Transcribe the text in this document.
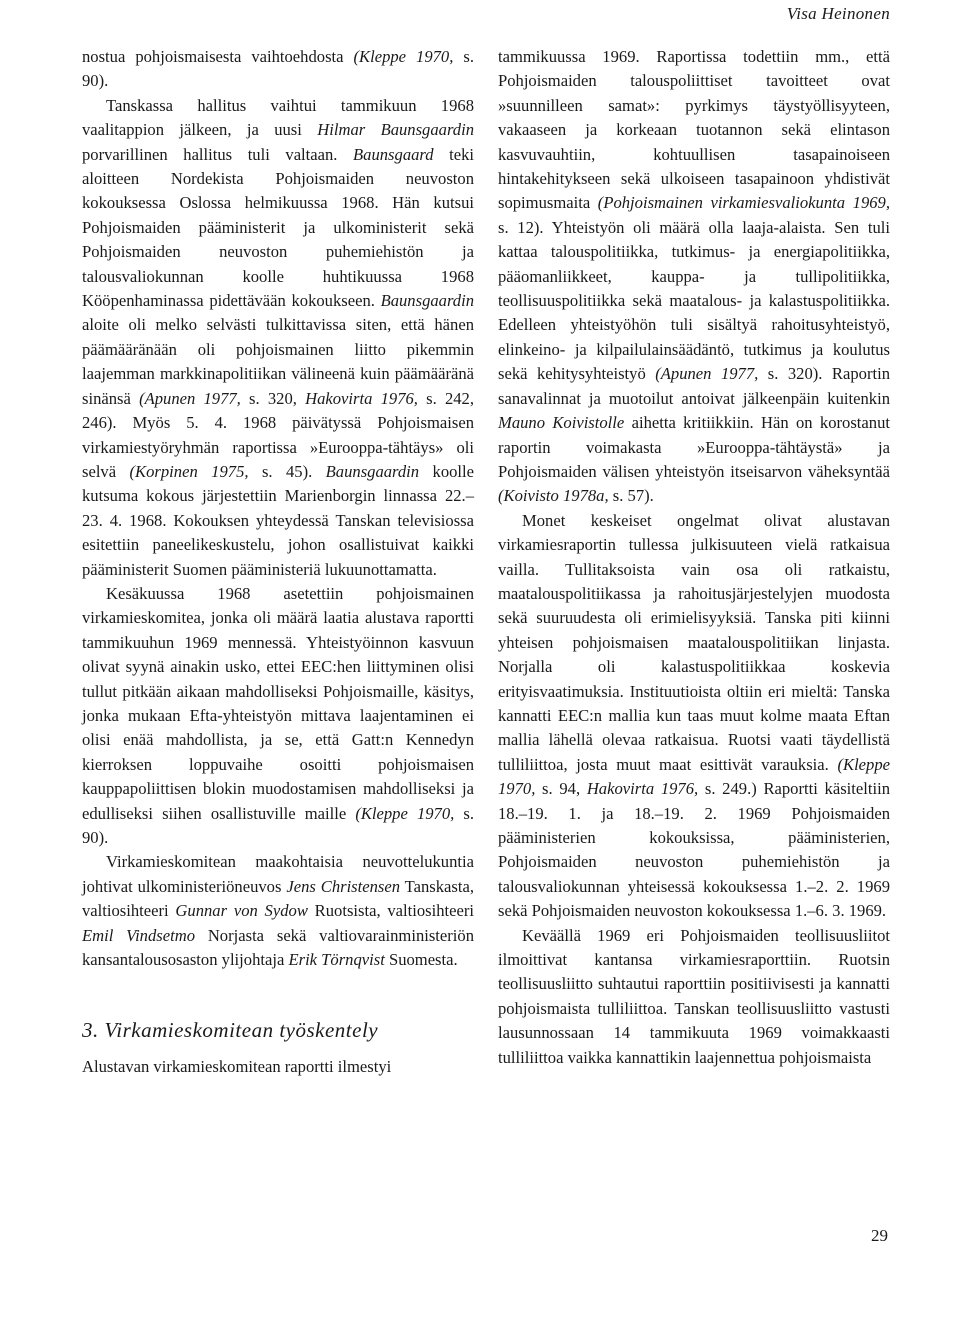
Visa Heinonen

nostua pohjoismaisesta vaihtoehdosta (Kleppe 1970, s. 90).

Tanskassa hallitus vaihtui tammikuun 1968 vaalitappion jälkeen, ja uusi Hilmar Baunsgaardin porvarillinen hallitus tuli valtaan. Baunsgaard teki aloitteen Nordekista Pohjoismaiden neuvoston kokouksessa Oslossa helmikuussa 1968. Hän kutsui Pohjoismaiden pääministerit ja ulkoministerit sekä Pohjoismaiden neuvoston puhemiehistön ja talousvaliokunnan koolle huhtikuussa 1968 Kööpenhaminassa pidettävään kokoukseen. Baunsgaardin aloite oli melko selvästi tulkittavissa siten, että hänen päämääränään oli pohjoismainen liitto pikemmin laajemman markkinapolitiikan välineenä kuin päämääränä sinänsä (Apunen 1977, s. 320, Hakovirta 1976, s. 242, 246). Myös 5. 4. 1968 päivätyssä Pohjoismaisen virkamiestyöryhmän raportissa »Eurooppa-tähtäys» oli selvä (Korpinen 1975, s. 45). Baunsgaardin koolle kutsuma kokous järjestettiin Marienborgin linnassa 22.–23. 4. 1968. Kokouksen yhteydessä Tanskan televisiossa esitettiin paneelikeskustelu, johon osallistuivat kaikki pääministerit Suomen pääministeriä lukuunottamatta.

Kesäkuussa 1968 asetettiin pohjoismainen virkamieskomitea, jonka oli määrä laatia alustava raportti tammikuuhun 1969 mennessä. Yhteistyöinnon kasvuun olivat syynä ainakin usko, ettei EEC:hen liittyminen olisi tullut pitkään aikaan mahdolliseksi Pohjoismaille, käsitys, jonka mukaan Efta-yhteistyön mittava laajentaminen ei olisi enää mahdollista, ja se, että Gatt:n Kennedyn kierroksen loppuvaihe osoitti pohjoismaisen kauppapoliittisen blokin muodostamisen mahdolliseksi ja edulliseksi siihen osallistuville maille (Kleppe 1970, s. 90).

Virkamieskomitean maakohtaisia neuvottelukuntia johtivat ulkoministeriöneuvos Jens Christensen Tanskasta, valtiosihteeri Gunnar von Sydow Ruotsista, valtiosihteeri Emil Vindsetmo Norjasta sekä valtiovarainministeriön kansantalousosaston ylijohtaja Erik Törnqvist Suomesta.

3. Virkamieskomitean työskentely

Alustavan virkamieskomitean raportti ilmestyi

tammikuussa 1969. Raportissa todettiin mm., että Pohjoismaiden talouspoliittiset tavoitteet ovat »suunnilleen samat»: pyrkimys täystyöllisyyteen, vakaaseen ja korkeaan tuotannon sekä elintason kasvuvauhtiin, kohtuullisen tasapainoiseen hintakehitykseen sekä ulkoiseen tasapainoon yhdistivät sopimusmaita (Pohjoismainen virkamiesvaliokunta 1969, s. 12). Yhteistyön oli määrä olla laaja-alaista. Sen tuli kattaa talouspolitiikka, tutkimus- ja energiapolitiikka, pääomanliikkeet, kauppa- ja tullipolitiikka, teollisuuspolitiikka sekä maatalous- ja kalastuspolitiikka. Edelleen yhteistyöhön tuli sisältyä rahoitusyhteistyö, elinkeino- ja kilpailulainsäädäntö, tutkimus ja koulutus sekä kehitysyhteistyö (Apunen 1977, s. 320). Raportin sanavalinnat ja muotoilut antoivat jälkeenpäin kuitenkin Mauno Koivistolle aihetta kritiikkiin. Hän on korostanut raportin voimakasta »Eurooppa-tähtäystä» ja Pohjoismaiden välisen yhteistyön itseisarvon väheksyntää (Koivisto 1978a, s. 57).

Monet keskeiset ongelmat olivat alustavan virkamiesraportin tullessa julkisuuteen vielä ratkaisua vailla. Tullitaksoista vain osa oli ratkaistu, maatalouspolitiikassa ja rahoitusjärjestelyjen muodosta sekä suuruudesta oli erimielisyyksiä. Tanska piti kiinni yhteisen pohjoismaisen maatalouspolitiikan linjasta. Norjalla oli kalastuspolitiikkaa koskevia erityisvaatimuksia. Instituutioista oltiin eri mieltä: Tanska kannatti EEC:n mallia kun taas muut kolme maata Eftan mallia lähellä olevaa ratkaisua. Ruotsi vaati täydellistä tulliliittoa, josta muut maat esittivät varauksia. (Kleppe 1970, s. 94, Hakovirta 1976, s. 249.) Raportti käsiteltiin 18.–19. 1. ja 18.–19. 2. 1969 Pohjoismaiden pääministerien kokouksissa, pääministerien, Pohjoismaiden neuvoston puhemiehistön ja talousvaliokunnan yhteisessä kokouksessa 1.–2. 2. 1969 sekä Pohjoismaiden neuvoston kokouksessa 1.–6. 3. 1969.

Keväällä 1969 eri Pohjoismaiden teollisuusliitot ilmoittivat kantansa virkamiesraporttiin. Ruotsin teollisuusliitto suhtautui raporttiin positiivisesti ja kannatti pohjoismaista tulliliittoa. Tanskan teollisuusliitto vastusti lausunnossaan 14 tammikuuta 1969 voimakkaasti tulliliittoa vaikka kannattikin laajennettua pohjoismaista

29
